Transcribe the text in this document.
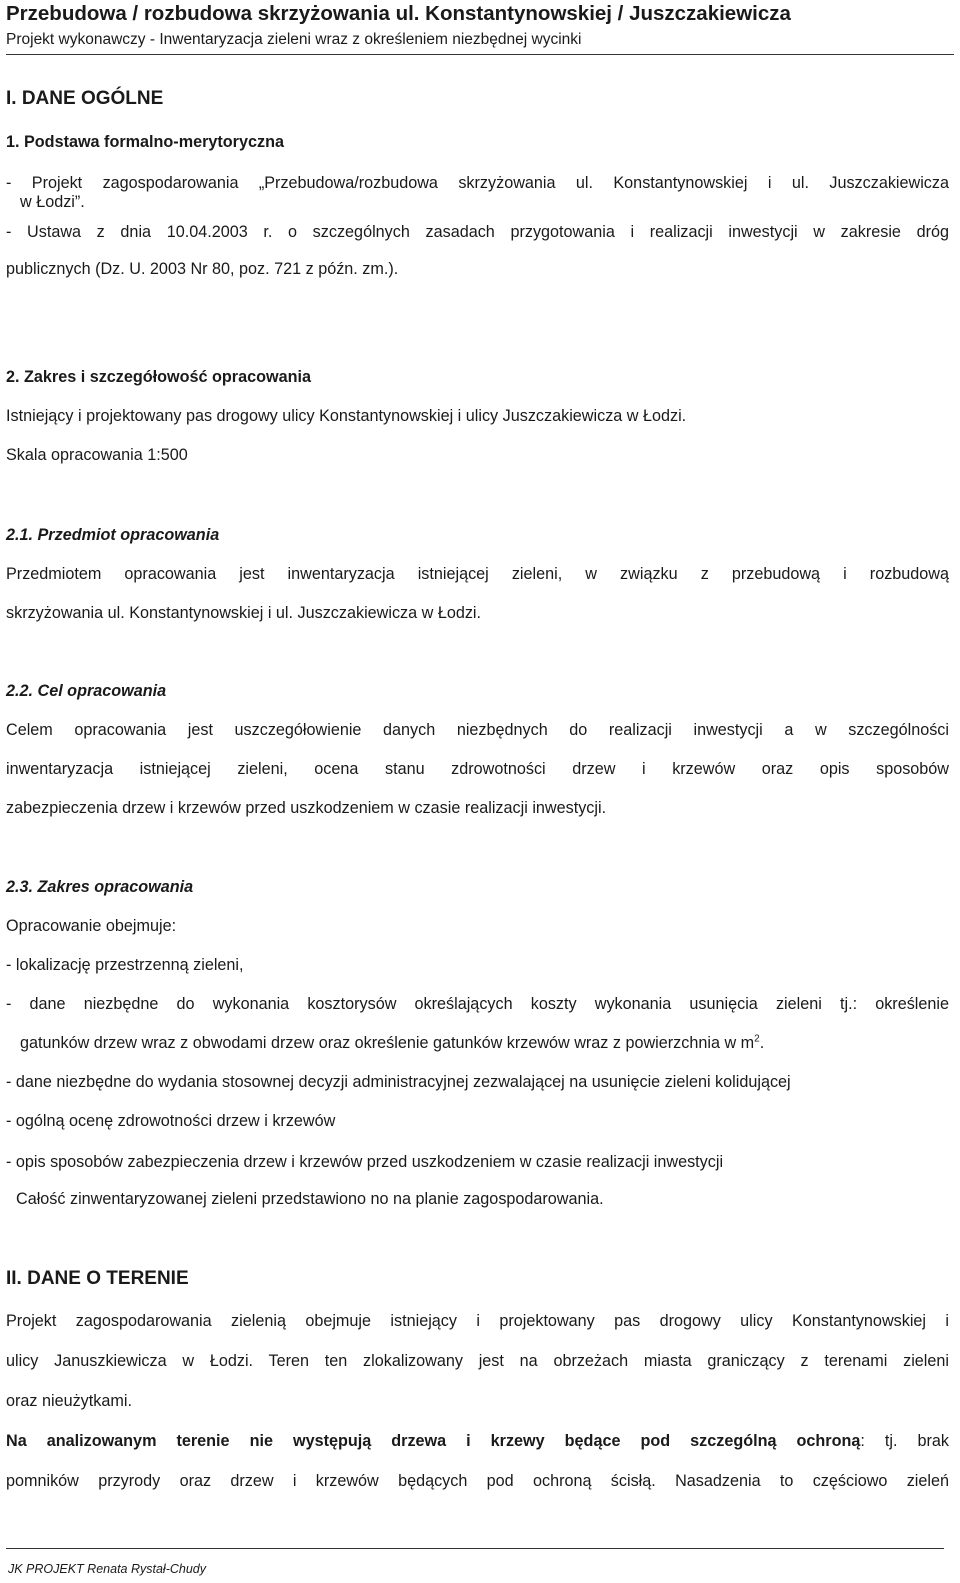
Przebudowa / rozbudowa skrzyżowania ul. Konstantynowskiej / Juszczakiewicza
Projekt wykonawczy - Inwentaryzacja zieleni wraz z określeniem niezbędnej wycinki
I. DANE OGÓLNE
1. Podstawa formalno-merytoryczna
- Projekt zagospodarowania „Przebudowa/rozbudowa skrzyżowania ul. Konstantynowskiej i ul. Juszczakiewicza
w Łodzi”.
- Ustawa z dnia 10.04.2003 r. o szczególnych zasadach przygotowania i realizacji inwestycji w zakresie dróg
publicznych (Dz. U. 2003 Nr 80, poz. 721 z późn. zm.).
2. Zakres i szczegółowość opracowania
Istniejący i projektowany pas drogowy ulicy Konstantynowskiej i ulicy Juszczakiewicza w Łodzi.
Skala opracowania 1:500
2.1. Przedmiot opracowania
Przedmiotem opracowania jest inwentaryzacja istniejącej zieleni, w związku z przebudową i rozbudową
skrzyżowania ul. Konstantynowskiej i ul. Juszczakiewicza w Łodzi.
2.2. Cel opracowania
Celem opracowania jest uszczegółowienie danych niezbędnych do realizacji inwestycji a w szczególności
inwentaryzacja istniejącej zieleni, ocena stanu zdrowotności drzew i krzewów oraz opis sposobów
zabezpieczenia drzew i krzewów przed uszkodzeniem w czasie realizacji inwestycji.
2.3. Zakres opracowania
Opracowanie obejmuje:
- lokalizację przestrzenną zieleni,
- dane niezbędne do wykonania kosztorysów określających koszty wykonania usunięcia zieleni tj.: określenie
gatunków drzew wraz z obwodami drzew oraz określenie gatunków krzewów wraz z powierzchnia w $m^2$.
- dane niezbędne do wydania stosownej decyzji administracyjnej zezwalającej na usunięcie zieleni kolidującej
- ogólną ocenę zdrowotności drzew i krzewów
- opis sposobów zabezpieczenia drzew i krzewów przed uszkodzeniem w czasie realizacji inwestycji
Całość zinwentaryzowanej zieleni przedstawiono no na planie zagospodarowania.
II. DANE O TERENIE
Projekt zagospodarowania zielenią obejmuje istniejący i projektowany pas drogowy ulicy Konstantynowskiej i
ulicy Januszkiewicza w Łodzi. Teren ten zlokalizowany jest na obrzeżach miasta graniczący z terenami zieleni
oraz nieużytkami.
Na analizowanym terenie nie występują drzewa i krzewy będące pod szczególną ochroną: tj. brak
pomników przyrody oraz drzew i krzewów będących pod ochroną ścisłą. Nasadzenia to częściowo zieleń
JK PROJEKT Renata Rystał-Chudy
